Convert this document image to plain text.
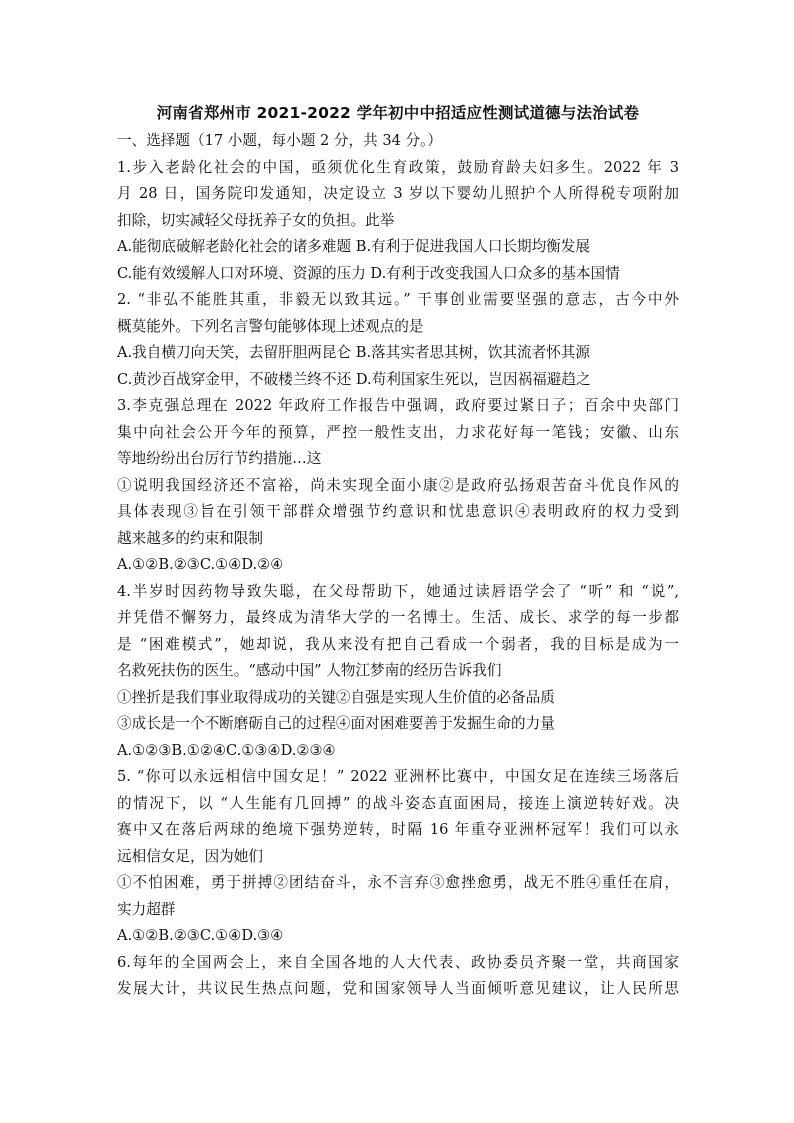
河南省郑州市 2021-2022 学年初中中招适应性测试道德与法治试卷

一、选择题（17 小题，每小题 2 分，共 34 分。）

1.步入老龄化社会的中国，亟须优化生育政策，鼓励育龄夫妇多生。2022 年 3

月 28 日，国务院印发通知，决定设立 3 岁以下婴幼儿照护个人所得税专项附加

扣除，切实减轻父母抚养子女的负担。此举

A.能彻底破解老龄化社会的诸多难题 B.有利于促进我国人口长期均衡发展

C.能有效缓解人口对环境、资源的压力 D.有利于改变我国人口众多的基本国情

2. “非弘不能胜其重，非毅无以致其远。” 干事创业需要坚强的意志，古今中外

概莫能外。下列名言警句能够体现上述观点的是

A.我自横刀向天笑，去留肝胆两昆仑 B.落其实者思其树，饮其流者怀其源

C.黄沙百战穿金甲，不破楼兰终不还 D.苟利国家生死以，岂因祸福避趋之

3.李克强总理在 2022 年政府工作报告中强调，政府要过紧日子；百余中央部门

集中向社会公开今年的预算，严控一般性支出，力求花好每一笔钱；安徽、山东

等地纷纷出台厉行节约措施…这

①说明我国经济还不富裕，尚未实现全面小康②是政府弘扬艰苦奋斗优良作风的

具体表现③旨在引领干部群众增强节约意识和忧患意识④表明政府的权力受到

越来越多的约束和限制

A.①②B.②③C.①④D.②④

4.半岁时因药物导致失聪，在父母帮助下，她通过读唇语学会了 “听” 和 “说”,

并凭借不懈努力，最终成为清华大学的一名博士。生活、成长、求学的每一步都

是 “困难模式”，她却说，我从来没有把自己看成一个弱者，我的目标是成为一

名救死扶伤的医生。“感动中国” 人物江梦南的经历告诉我们

①挫折是我们事业取得成功的关键②自强是实现人生价值的必备品质

③成长是一个不断磨砺自己的过程④面对困难要善于发掘生命的力量

A.①②③B.①②④C.①③④D.②③④

5. “你可以永远相信中国女足！” 2022 亚洲杯比赛中，中国女足在连续三场落后

的情况下，以 “人生能有几回搏” 的战斗姿态直面困局，接连上演逆转好戏。决

赛中又在落后两球的绝境下强势逆转，时隔 16 年重夺亚洲杯冠军！我们可以永

远相信女足，因为她们

①不怕困难，勇于拼搏②团结奋斗，永不言弃③愈挫愈勇，战无不胜④重任在肩，

实力超群

A.①②B.②③C.①④D.③④

6.每年的全国两会上，来自全国各地的人大代表、政协委员齐聚一堂，共商国家

发展大计，共议民生热点问题，党和国家领导人当面倾听意见建议，让人民所思
